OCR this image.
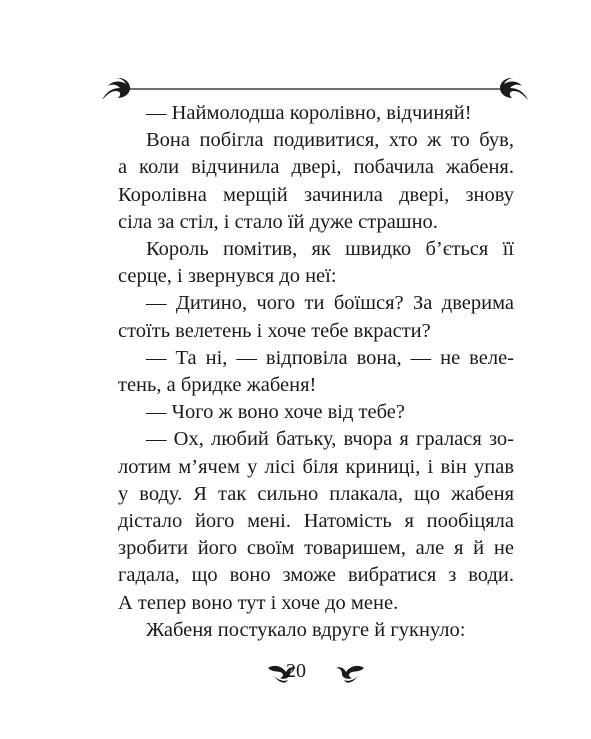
— Наймолодша королівно, відчиняй!
Вона побігла подивитися, хто ж то був,
а коли відчинила двері, побачила жабеня.
Королівна мерщій зачинила двері, знову
сіла за стіл, і стало їй дуже страшно.
Король помітив, як швидко б’ється її
серце, і звернувся до неї:
— Дитино, чого ти боїшся? За дверима
стоїть велетень і хоче тебе вкрасти?
— Та ні, — відповіла вона, — не веле-
тень, а бридке жабеня!
— Чого ж воно хоче від тебе?
— Ох, любий батьку, вчора я гралася зо-
лотим м’ячем у лісі біля криниці, і він упав
у воду. Я так сильно плакала, що жабеня
дістало його мені. Натомість я пообіцяла
зробити його своїм товаришем, але я й не
гадала, що воно зможе вибратися з води.
А тепер воно тут і хоче до мене.
Жабеня постукало вдруге й гукнуло:
20
